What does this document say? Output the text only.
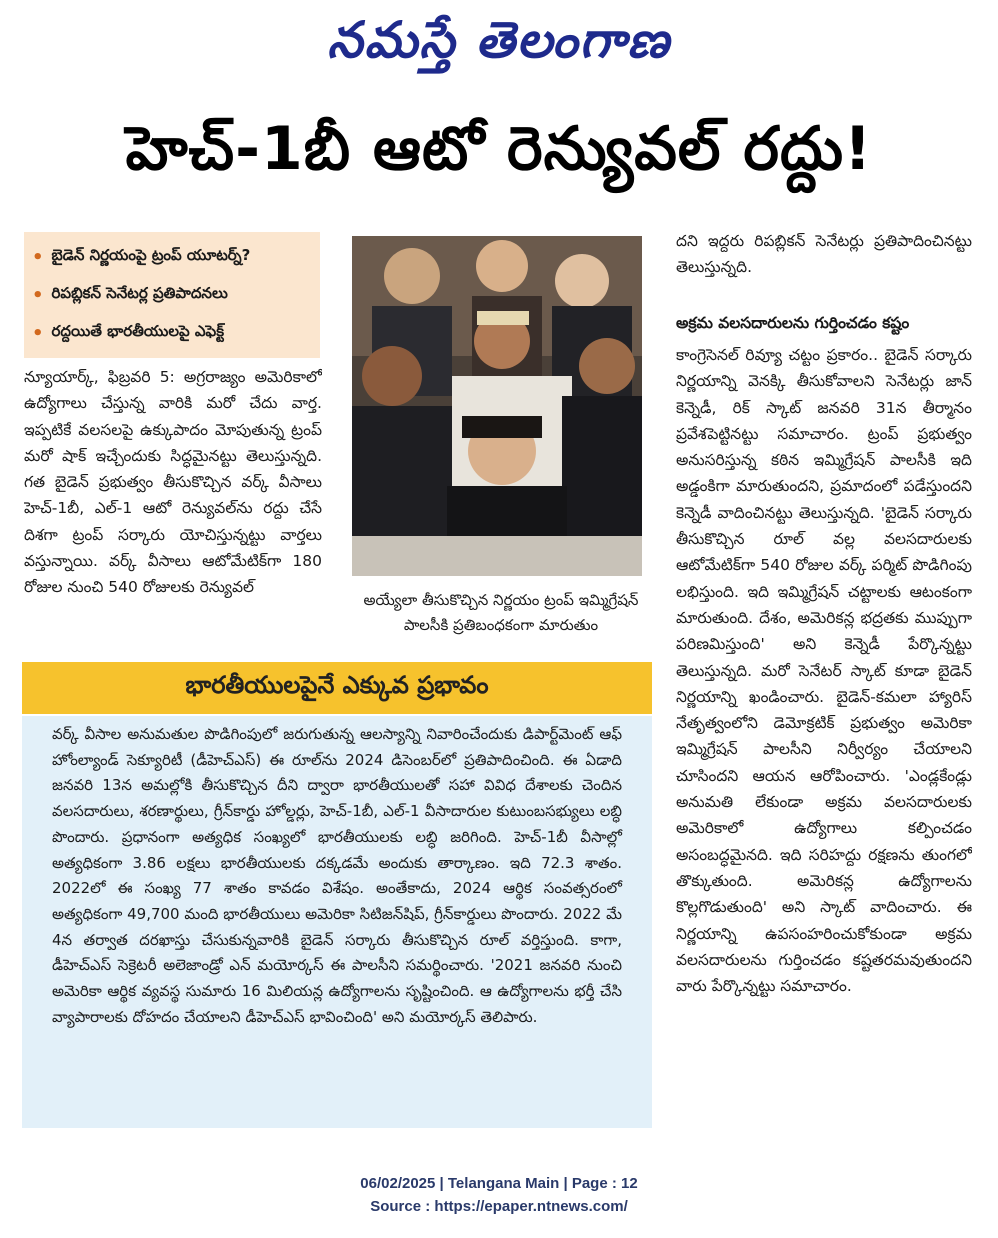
నమస్తే తెలంగాణ
హెచ్-1బీ ఆటో రెన్యువల్ రద్దు!
• బైడెన్ నిర్ణయంపై ట్రంప్ యూటర్న్?
• రిపబ్లికన్ సెనేటర్ల ప్రతిపాదనలు
• రద్దయితే భారతీయులపై ఎఫెక్ట్

న్యూయార్క్, ఫిబ్రవరి 5: అగ్రరాజ్యం అమెరికాలో ఉద్యోగాలు చేస్తున్న వారికి మరో చేదు వార్త. ఇప్పటికే వలసలపై ఉక్కుపాదం మోపుతున్న ట్రంప్ మరో షాక్ ఇచ్చేందుకు సిద్ధమైనట్టు తెలుస్తున్నది. గత బైడెన్ ప్రభుత్వం తీసుకొచ్చిన వర్క్ వీసాలు హెచ్-1బీ, ఎల్-1 ఆటో రెన్యువల్‌ను రద్దు చేసే దిశగా ట్రంప్ సర్కారు యోచిస్తున్నట్టు వార్తలు వస్తున్నాయి. వర్క్ వీసాలు ఆటోమేటిక్‌గా 180 రోజుల నుంచి 540 రోజులకు రెన్యువల్

అయ్యేలా తీసుకొచ్చిన నిర్ణయం ట్రంప్ ఇమ్మిగ్రేషన్ పాలసీకి ప్రతిబంధకంగా మారుతుం

దని ఇద్దరు రిపబ్లికన్ సెనేటర్లు ప్రతిపాదించినట్టు తెలుస్తున్నది.

అక్రమ వలసదారులను గుర్తించడం కష్టం

కాంగ్రెసెనల్ రివ్యూ చట్టం ప్రకారం.. బైడెన్ సర్కారు నిర్ణయాన్ని వెనక్కి తీసుకోవాలని సెనేటర్లు జాన్ కెన్నెడీ, రిక్ స్కాట్ జనవరి 31న తీర్మానం ప్రవేశపెట్టినట్టు సమాచారం. ట్రంప్ ప్రభుత్వం అనుసరిస్తున్న కఠిన ఇమ్మిగ్రేషన్ పాలసీకి ఇది అడ్డంకిగా మారుతుందని, ప్రమాదంలో పడేస్తుందని కెన్నెడీ వాదించినట్టు తెలుస్తున్నది. 'బైడెన్ సర్కారు తీసుకొచ్చిన రూల్ వల్ల వలసదారులకు ఆటోమేటిక్‌గా 540 రోజుల వర్క్ పర్మిట్ పొడిగింపు లభిస్తుంది. ఇది ఇమ్మిగ్రేషన్ చట్టాలకు ఆటంకంగా మారుతుంది. దేశం, అమెరికన్ల భద్రతకు ముప్పుగా పరిణమిస్తుంది' అని కెన్నెడీ పేర్కొన్నట్టు తెలుస్తున్నది. మరో సెనేటర్ స్కాట్ కూడా బైడెన్ నిర్ణయాన్ని ఖండించారు. బైడెన్-కమలా హ్యారిస్ నేతృత్వంలోని డెమోక్రటిక్ ప్రభుత్వం అమెరికా ఇమ్మిగ్రేషన్ పాలసీని నిర్వీర్యం చేయాలని చూసిందని ఆయన ఆరోపించారు. 'ఎండ్లకేండ్లు అనుమతి లేకుండా అక్రమ వలసదారులకు అమెరికాలో ఉద్యోగాలు కల్పించడం అసంబద్ధమైనది. ఇది సరిహద్దు రక్షణను తుంగలో తొక్కుతుంది. అమెరికన్ల ఉద్యోగాలను కొల్లగొడుతుంది' అని స్కాట్ వాదించారు. ఈ నిర్ణయాన్ని ఉపసంహరించుకోకుండా అక్రమ వలసదారులను గుర్తించడం కష్టతరమవుతుందని వారు పేర్కొన్నట్టు సమాచారం.

భారతీయులపైనే ఎక్కువ ప్రభావం

వర్క్ వీసాల అనుమతుల పొడిగింపులో జరుగుతున్న ఆలస్యాన్ని నివారించేందుకు డిపార్ట్‌మెంట్ ఆఫ్ హోంల్యాండ్ సెక్యూరిటీ (డీహెచ్ఎస్) ఈ రూల్‌ను 2024 డిసెంబర్‌లో ప్రతిపాదించింది. ఈ ఏడాది జనవరి 13న అమల్లోకి తీసుకొచ్చిన దీని ద్వారా భారతీయులతో సహా వివిధ దేశాలకు చెందిన వలసదారులు, శరణార్థులు, గ్రీన్‌కార్డు హోల్డర్లు, హెచ్-1బీ, ఎల్-1 వీసాదారుల కుటుంబసభ్యులు లబ్ధి పొందారు. ప్రధానంగా అత్యధిక సంఖ్యలో భారతీయులకు లబ్ధి జరిగింది. హెచ్-1బీ వీసాల్లో అత్యధికంగా 3.86 లక్షలు భారతీయులకు దక్కడమే అందుకు తార్కాణం. ఇది 72.3 శాతం. 2022లో ఈ సంఖ్య 77 శాతం కావడం విశేషం. అంతేకాదు, 2024 ఆర్థిక సంవత్సరంలో అత్యధికంగా 49,700 మంది భారతీయులు అమెరికా సిటిజన్‌షిప్, గ్రీన్‌కార్డులు పొందారు. 2022 మే 4న తర్వాత దరఖాస్తు చేసుకున్నవారికి బైడెన్ సర్కారు తీసుకొచ్చిన రూల్ వర్తిస్తుంది. కాగా, డీహెచ్ఎస్ సెక్రెటరీ అలెజాండ్రో ఎన్ మయోర్కస్ ఈ పాలసీని సమర్థించారు. '2021 జనవరి నుంచి అమెరికా ఆర్థిక వ్యవస్థ సుమారు 16 మిలియన్ల ఉద్యోగాలను సృష్టించింది. ఆ ఉద్యోగాలను భర్తీ చేసి వ్యాపారాలకు దోహదం చేయాలని డీహెచ్ఎస్ భావించింది' అని మయోర్కస్ తెలిపారు.

06/02/2025 | Telangana Main | Page : 12
Source : https://epaper.ntnews.com/
